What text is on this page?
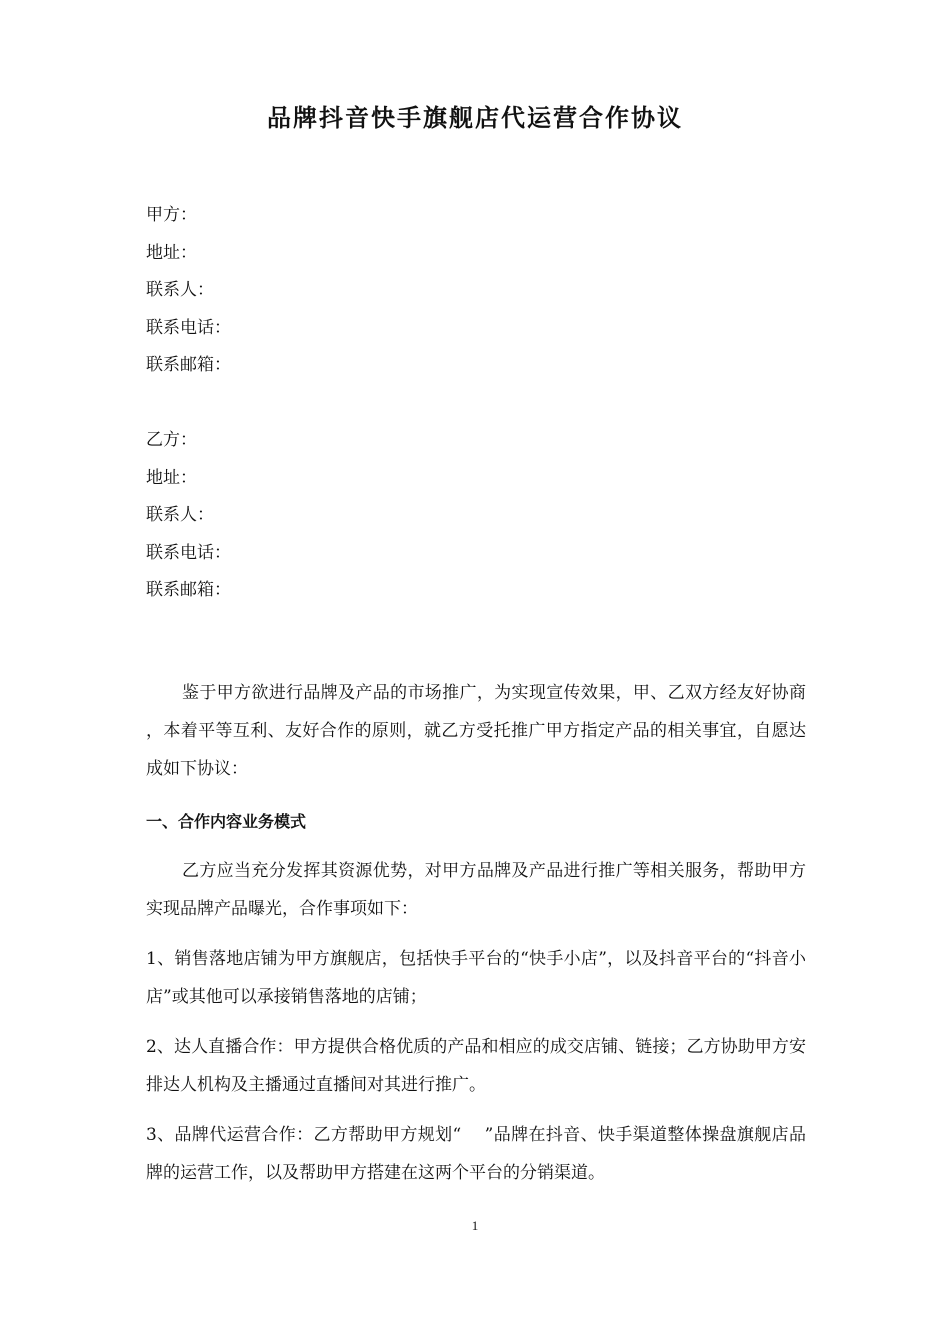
品牌抖音快手旗舰店代运营合作协议
甲方：
地址：
联系人：
联系电话：
联系邮箱：
乙方：
地址：
联系人：
联系电话：
联系邮箱：

鉴于甲方欲进行品牌及产品的市场推广，为实现宣传效果，甲、乙双方经友好协商 ，本着平等互利、友好合作的原则，就乙方受托推广甲方指定产品的相关事宜，自愿达成如下协议：

一、合作内容业务模式

乙方应当充分发挥其资源优势，对甲方品牌及产品进行推广等相关服务，帮助甲方实现品牌产品曝光，合作事项如下：

1、销售落地店铺为甲方旗舰店，包括快手平台的“快手小店”，以及抖音平台的“抖音小店”或其他可以承接销售落地的店铺；

2、达人直播合作：甲方提供合格优质的产品和相应的成交店铺、链接；乙方协助甲方安排达人机构及主播通过直播间对其进行推广。

3、品牌代运营合作：乙方帮助甲方规划“　 ”品牌在抖音、快手渠道整体操盘旗舰店品牌的运营工作，以及帮助甲方搭建在这两个平台的分销渠道。

1
